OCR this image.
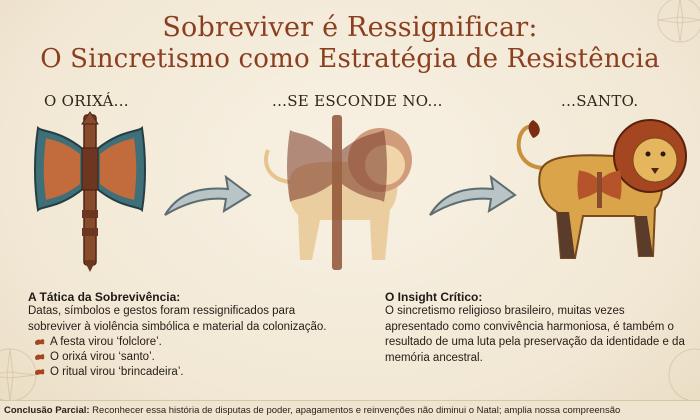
Sobreviver é Ressignificar:
O Sincretismo como Estratégia de Resistência
O ORIXÁ...	...SE ESCONDE NO...	...SANTO.
A Tática da Sobrevivência:
Datas, símbolos e gestos foram ressignificados para sobreviver à violência simbólica e material da colonização.
A festa virou ‘folclore’.
O orixá virou ‘santo’.
O ritual virou ‘brincadeira’.
O Insight Crítico:
O sincretismo religioso brasileiro, muitas vezes apresentado como convivência harmoniosa, é também o resultado de uma luta pela preservação da identidade e da memória ancestral.
Conclusão Parcial: Reconhecer essa história de disputas de poder, apagamentos e reinvenções não diminui o Natal; amplia nossa compreensão
